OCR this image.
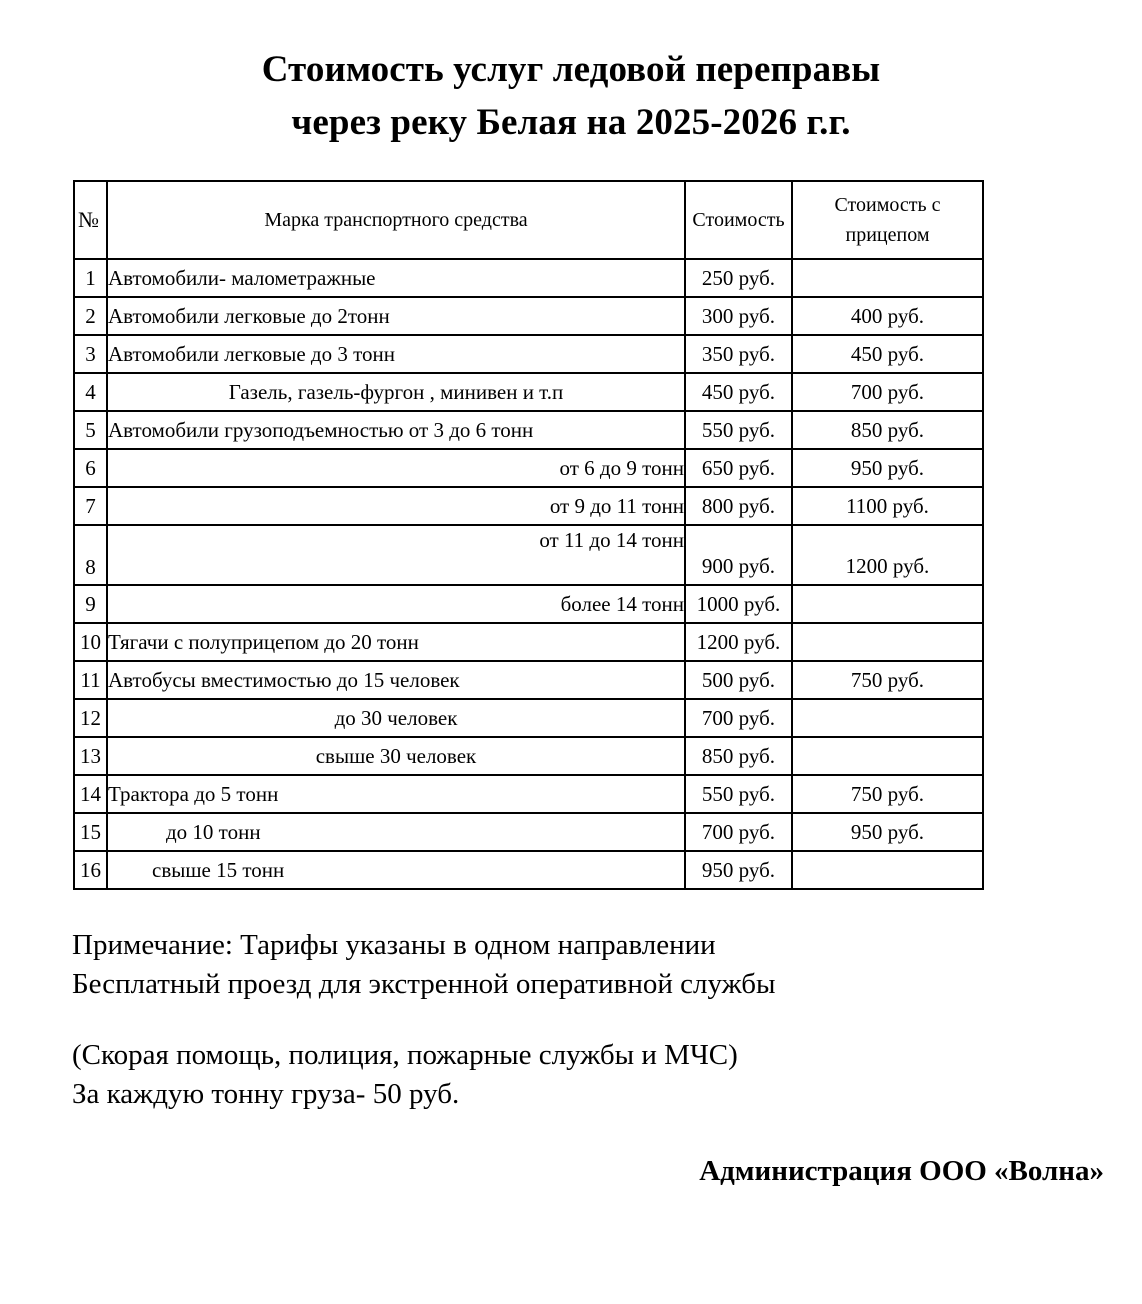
Стоимость услуг ледовой переправы
через реку Белая на 2025-2026 г.г.
№	Марка транспортного средства	Стоимость	Стоимость с
прицепом
1	Автомобили- малометражные	250 руб.	
2	Автомобили легковые до 2тонн	300 руб.	400 руб.
3	Автомобили легковые до 3 тонн	350 руб.	450 руб.
4	Газель, газель-фургон , минивен и т.п	450 руб.	700 руб.
5	Автомобили грузоподъемностью от 3 до 6 тонн	550 руб.	850 руб.
6	от 6 до 9 тонн	650 руб.	950 руб.
7	от 9 до 11 тонн	800 руб.	1100 руб.
8	от 11 до 14 тонн	900 руб.	1200 руб.
9	более 14 тонн	1000 руб.	
10	Тягачи с полуприцепом до 20 тонн	1200 руб.	
11	Автобусы вместимостью до 15 человек	500 руб.	750 руб.
12	до 30 человек	700 руб.	
13	свыше 30 человек	850 руб.	
14	Трактора до 5 тонн	550 руб.	750 руб.
15	до 10 тонн	700 руб.	950 руб.
16	свыше 15 тонн	950 руб.	
Примечание: Тарифы указаны в одном направлении
Бесплатный проезд для экстренной оперативной службы
(Скорая помощь, полиция, пожарные службы и МЧС)
За каждую тонну груза- 50 руб.
Администрация ООО «Волна»
